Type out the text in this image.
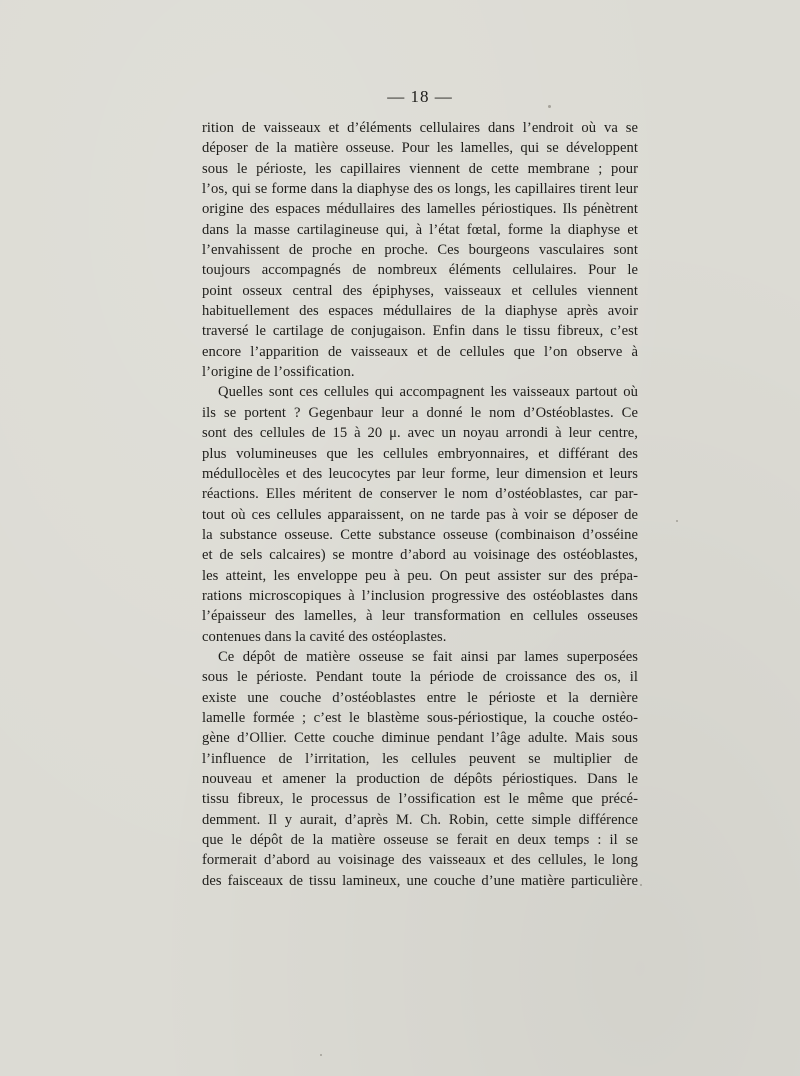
— 18 —
rition de vaisseaux et d’éléments cellulaires dans l’endroit où va se
déposer de la matière osseuse. Pour les lamelles, qui se développent
sous le périoste, les capillaires viennent de cette membrane ; pour
l’os, qui se forme dans la diaphyse des os longs, les capillaires tirent leur
origine des espaces médullaires des lamelles périostiques. Ils pénètrent
dans la masse cartilagineuse qui, à l’état fœtal, forme la diaphyse et
l’envahissent de proche en proche. Ces bourgeons vasculaires sont
toujours accompagnés de nombreux éléments cellulaires. Pour le
point osseux central des épiphyses, vaisseaux et cellules viennent
habituellement des espaces médullaires de la diaphyse après avoir
traversé le cartilage de conjugaison. Enfin dans le tissu fibreux, c’est
encore l’apparition de vaisseaux et de cellules que l’on observe à
l’origine de l’ossification.
Quelles sont ces cellules qui accompagnent les vaisseaux partout où
ils se portent ? Gegenbaur leur a donné le nom d’Ostéoblastes. Ce
sont des cellules de 15 à 20 μ. avec un noyau arrondi à leur centre,
plus volumineuses que les cellules embryonnaires, et différant des
médullocèles et des leucocytes par leur forme, leur dimension et leurs
réactions. Elles méritent de conserver le nom d’ostéoblastes, car par-
tout où ces cellules apparaissent, on ne tarde pas à voir se déposer de
la substance osseuse. Cette substance osseuse (combinaison d’osséine
et de sels calcaires) se montre d’abord au voisinage des ostéoblastes,
les atteint, les enveloppe peu à peu. On peut assister sur des prépa-
rations microscopiques à l’inclusion progressive des ostéoblastes dans
l’épaisseur des lamelles, à leur transformation en cellules osseuses
contenues dans la cavité des ostéoplastes.
Ce dépôt de matière osseuse se fait ainsi par lames superposées
sous le périoste. Pendant toute la période de croissance des os, il
existe une couche d’ostéoblastes entre le périoste et la dernière
lamelle formée ; c’est le blastème sous-périostique, la couche ostéo-
gène d’Ollier. Cette couche diminue pendant l’âge adulte. Mais sous
l’influence de l’irritation, les cellules peuvent se multiplier de
nouveau et amener la production de dépôts périostiques. Dans le
tissu fibreux, le processus de l’ossification est le même que précé-
demment. Il y aurait, d’après M. Ch. Robin, cette simple différence
que le dépôt de la matière osseuse se ferait en deux temps : il se
formerait d’abord au voisinage des vaisseaux et des cellules, le long
des faisceaux de tissu lamineux, une couche d’une matière particulière
